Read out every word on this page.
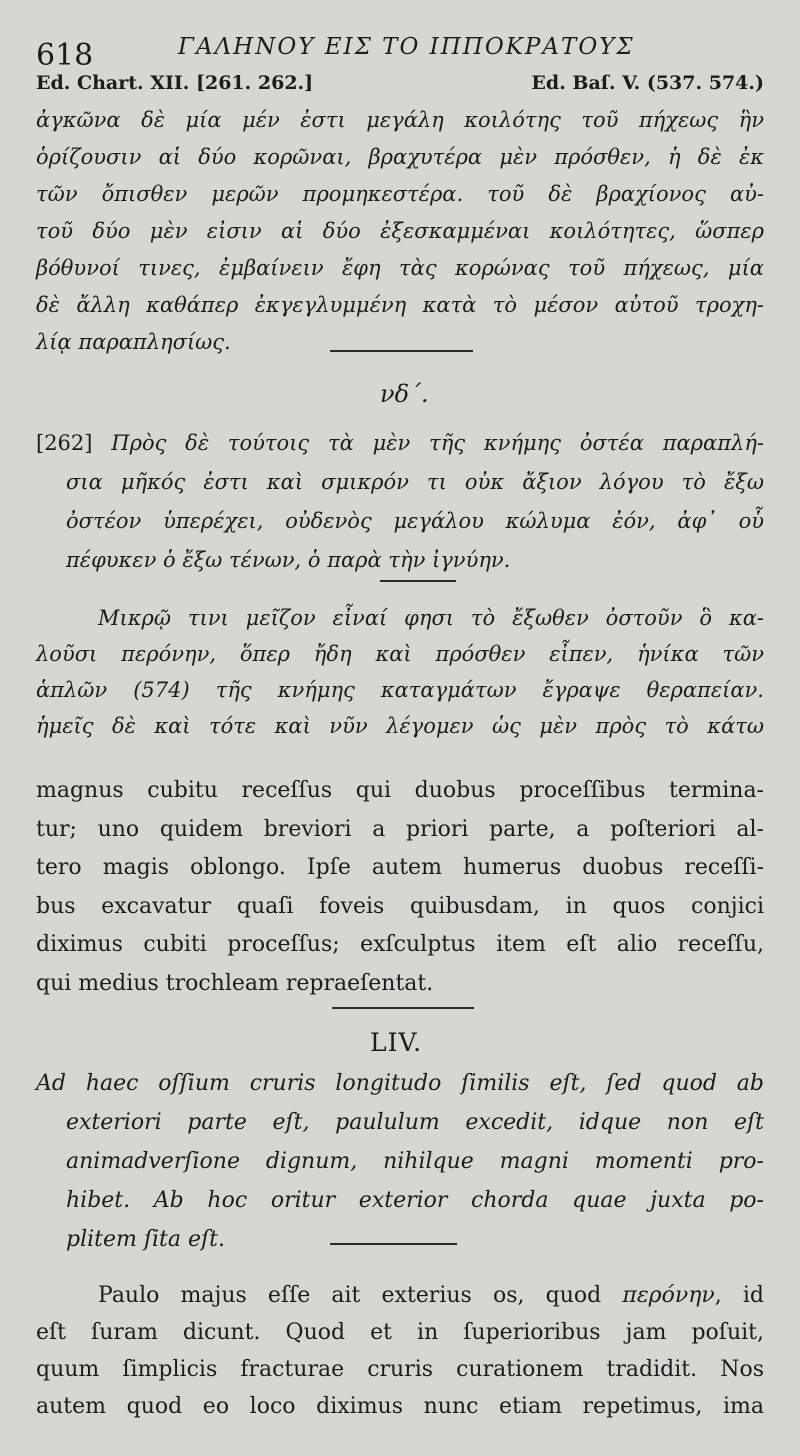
618	ΓΑΛΗΝΟΥ ΕΙΣ ΤΟ ΙΠΠΟΚΡΑΤΟΥΣ
Ed. Chart. XII. [261. 262.]	Ed. Baſ. V. (537. 574.)
ἀγκῶνα δὲ μία μέν ἐστι μεγάλη κοιλότης τοῦ πήχεως ἣν
ὁρίζουσιν αἱ δύο κορῶναι, βραχυτέρα μὲν πρόσθεν, ἡ δὲ ἐκ
τῶν ὄπισθεν μερῶν προμηκεστέρα. τοῦ δὲ βραχίονος αὐ-
τοῦ δύο μὲν εἰσιν αἱ δύο ἐξεσκαμμέναι κοιλότητες, ὥσπερ
βόθυνοί τινες, ἐμβαίνειν ἔφη τὰς κορώνας τοῦ πήχεως, μία
δὲ ἄλλη καθάπερ ἐκγεγλυμμένη κατὰ τὸ μέσον αὐτοῦ τροχη-
λίᾳ παραπλησίως.
νδ΄.
[262] Πρὸς δὲ τούτοις τὰ μὲν τῆς κνήμης ὀστέα παραπλή-
σια μῆκός ἐστι καὶ σμικρόν τι οὐκ ἄξιον λόγου τὸ ἔξω
ὀστέον ὑπερέχει, οὐδενὸς μεγάλου κώλυμα ἐόν, ἀφ᾽ οὗ
πέφυκεν ὁ ἔξω τένων, ὁ παρὰ τὴν ἰγνύην.
Μικρῷ τινι μεῖζον εἶναί φησι τὸ ἔξωθεν ὀστοῦν ὃ κα-
λοῦσι περόνην, ὅπερ ἤδη καὶ πρόσθεν εἶπεν, ἡνίκα τῶν
ἁπλῶν (574) τῆς κνήμης καταγμάτων ἔγραψε θεραπείαν.
ἡμεῖς δὲ καὶ τότε καὶ νῦν λέγομεν ὡς μὲν πρὸς τὸ κάτω
magnus cubitu receſſus qui duobus proceſſibus termina-
tur; uno quidem breviori a priori parte, a poſteriori al-
tero magis oblongo. Ipſe autem humerus duobus receſſi-
bus excavatur quaſi foveis quibusdam, in quos conjici
diximus cubiti proceſſus; exſculptus item eſt alio receſſu,
qui medius trochleam repraeſentat.
LIV.
Ad haec oſſium cruris longitudo ſimilis eſt, ſed quod ab
exteriori parte eſt, paululum excedit, idque non eſt
animadverſione dignum, nihilque magni momenti pro-
hibet. Ab hoc oritur exterior chorda quae juxta po-
plitem ſita eſt.
Paulo majus eſſe ait exterius os, quod περόνην, id
eſt ſuram dicunt. Quod et in ſuperioribus jam poſuit,
quum ſimplicis fracturae cruris curationem tradidit. Nos
autem quod eo loco diximus nunc etiam repetimus, ima
